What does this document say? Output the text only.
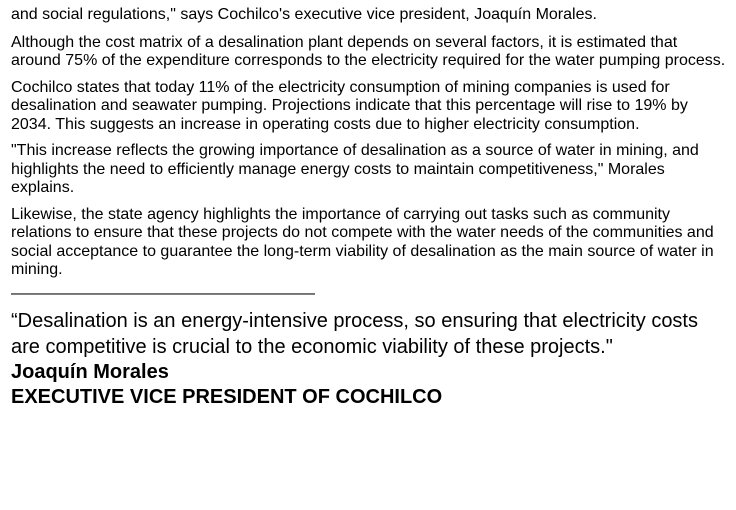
and social regulations," says Cochilco's executive vice president, Joaquín Morales.

Although the cost matrix of a desalination plant depends on several factors, it is estimated that around 75% of the expenditure corresponds to the electricity required for the water pumping process.

Cochilco states that today 11% of the electricity consumption of mining companies is used for desalination and seawater pumping. Projections indicate that this percentage will rise to 19% by 2034. This suggests an increase in operating costs due to higher electricity consumption.

"This increase reflects the growing importance of desalination as a source of water in mining, and highlights the need to efficiently manage energy costs to maintain competitiveness," Morales explains.

Likewise, the state agency highlights the importance of carrying out tasks such as community relations to ensure that these projects do not compete with the water needs of the communities and social acceptance to guarantee the long-term viability of desalination as the main source of water in mining.

———————————————————

“Desalination is an energy-intensive process, so ensuring that electricity costs are competitive is crucial to the economic viability of these projects."

Joaquín Morales

EXECUTIVE VICE PRESIDENT OF COCHILCO
